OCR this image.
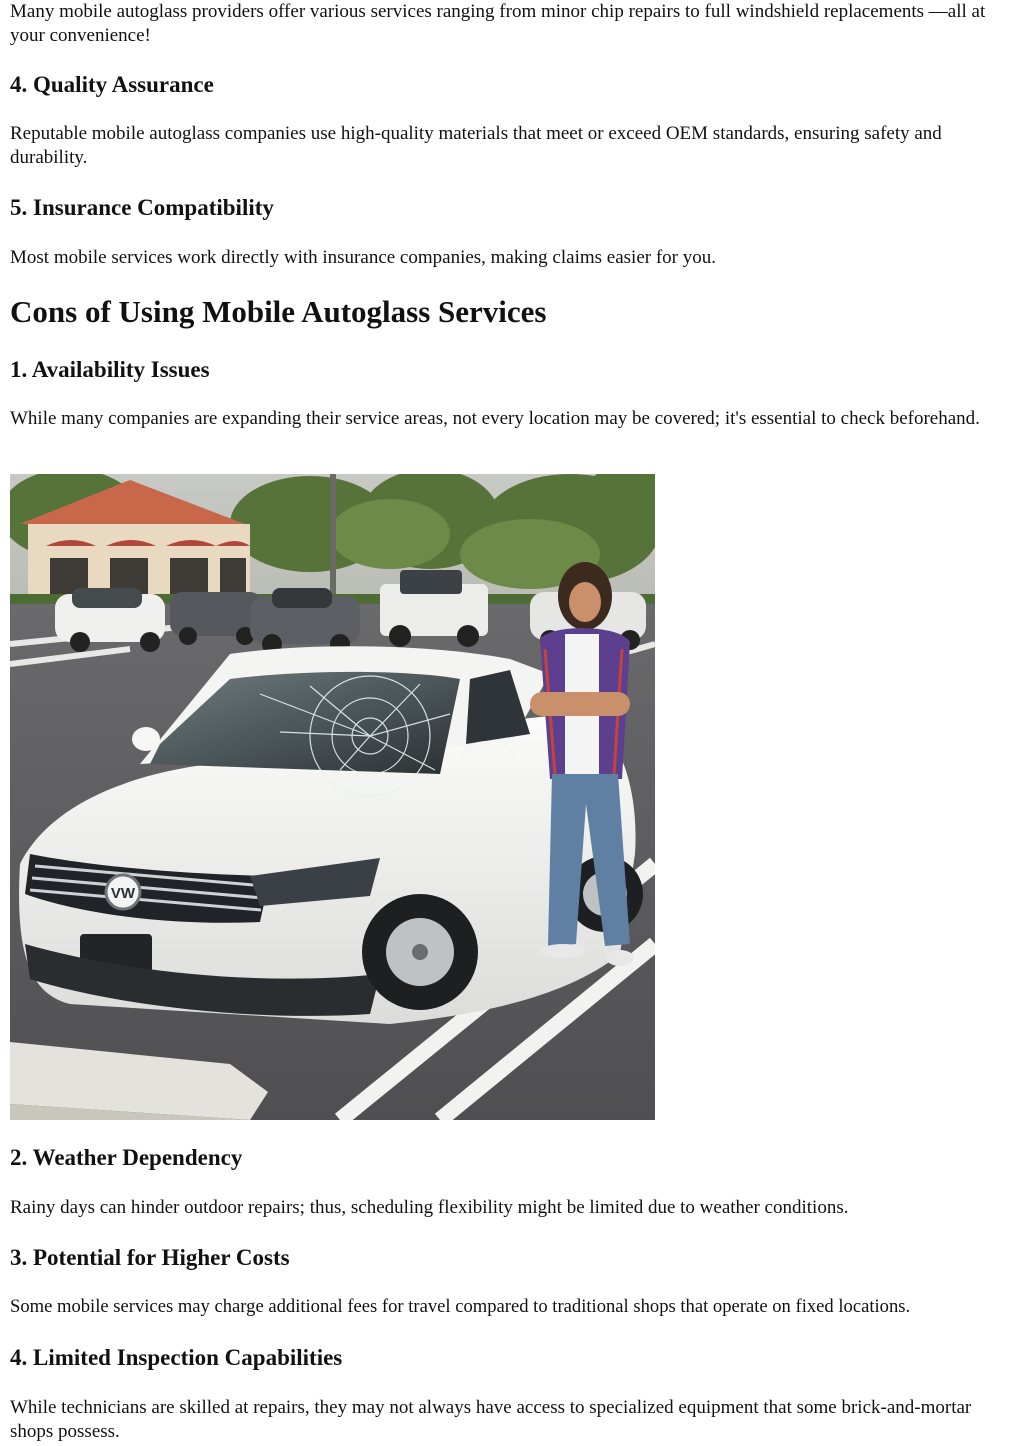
Many mobile autoglass providers offer various services ranging from minor chip repairs to full windshield replacements —all at your convenience!

4. Quality Assurance

Reputable mobile autoglass companies use high-quality materials that meet or exceed OEM standards, ensuring safety and durability.

5. Insurance Compatibility

Most mobile services work directly with insurance companies, making claims easier for you.

Cons of Using Mobile Autoglass Services
1. Availability Issues

While many companies are expanding their service areas, not every location may be covered; it's essential to check beforehand.

VW
2. Weather Dependency

Rainy days can hinder outdoor repairs; thus, scheduling flexibility might be limited due to weather conditions.

3. Potential for Higher Costs

Some mobile services may charge additional fees for travel compared to traditional shops that operate on fixed locations.

4. Limited Inspection Capabilities

While technicians are skilled at repairs, they may not always have access to specialized equipment that some brick-and-mortar shops possess.
